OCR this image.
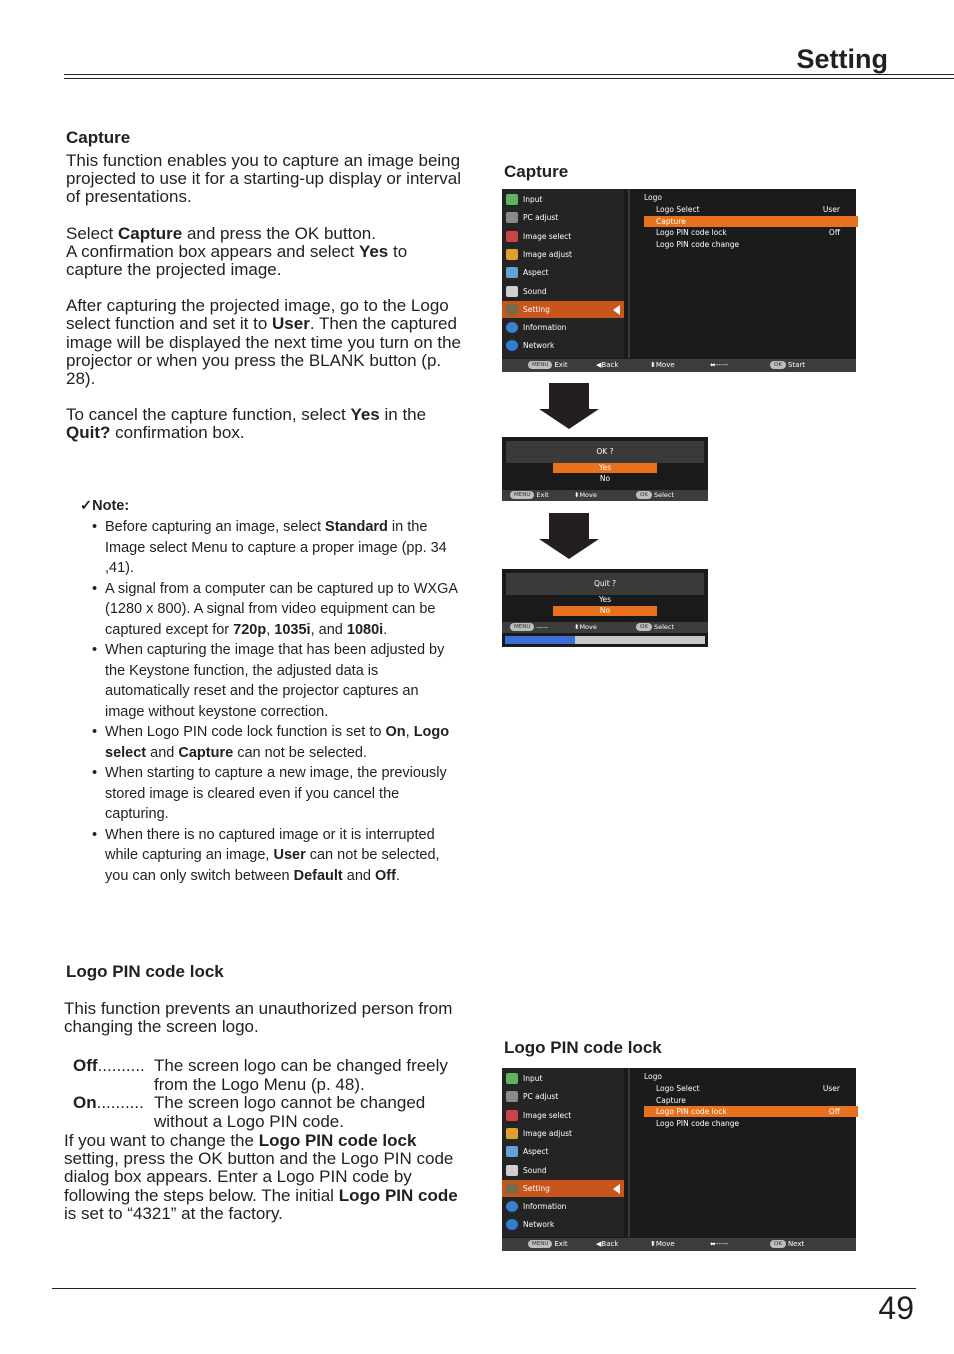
Setting
Capture

This function enables you to capture an image being projected to use it for a starting-up display or interval of presentations.

Select Capture and press the OK button.
A confirmation box appears and select Yes to capture the projected image.

After capturing the projected image, go to the Logo select function and set it to User. Then the captured image will be displayed the next time you turn on the projector or when you press the BLANK button (p. 28).

To cancel the capture function, select Yes in the Quit? confirmation box.

✓Note:
• Before capturing an image, select Standard in the Image select Menu to capture a proper image (pp. 34 ,41).
• A signal from a computer can be captured up to WXGA (1280 x 800). A signal from video equipment can be captured except for 720p, 1035i, and 1080i.
• When capturing the image that has been adjusted by the Keystone function, the adjusted data is automatically reset and the projector captures an image without keystone correction.
• When Logo PIN code lock function is set to On, Logo select and Capture can not be selected.
• When starting to capture a new image, the previously stored image is cleared even if you cancel the capturing.
• When there is no captured image or it is interrupted while capturing an image, User can not be selected, you can only switch between Default and Off.
Logo PIN code lock
This function prevents an unauthorized person from changing the screen logo.
Off.......... The screen logo can be changed freely from the Logo Menu (p. 48).
On.......... The screen logo cannot be changed without a Logo PIN code.
If you want to change the Logo PIN code lock setting, press the OK button and the Logo PIN code dialog box appears. Enter a Logo PIN code by following the steps below. The initial Logo PIN code is set to “4321” at the factory.
Capture
Input
PC adjust
Image select
Image adjust
Aspect
Sound
Setting
Information
Network
Logo
Logo Select	User
Capture
Logo PIN code lock	Off
Logo PIN code change
MENU Exit	◀Back	⬍Move	⬌-----	OK Start
OK ?
Yes
No
MENU Exit	⬍Move	OK Select
Quit ?
Yes
No
MENU -----	⬍Move	OK Select
Logo PIN code lock
Input
PC adjust
Image select
Image adjust
Aspect
Sound
Setting
Information
Network
Logo
Logo Select	User
Capture
Logo PIN code lock	Off
Logo PIN code change
MENU Exit	◀Back	⬍Move	⬌-----	OK Next
49
